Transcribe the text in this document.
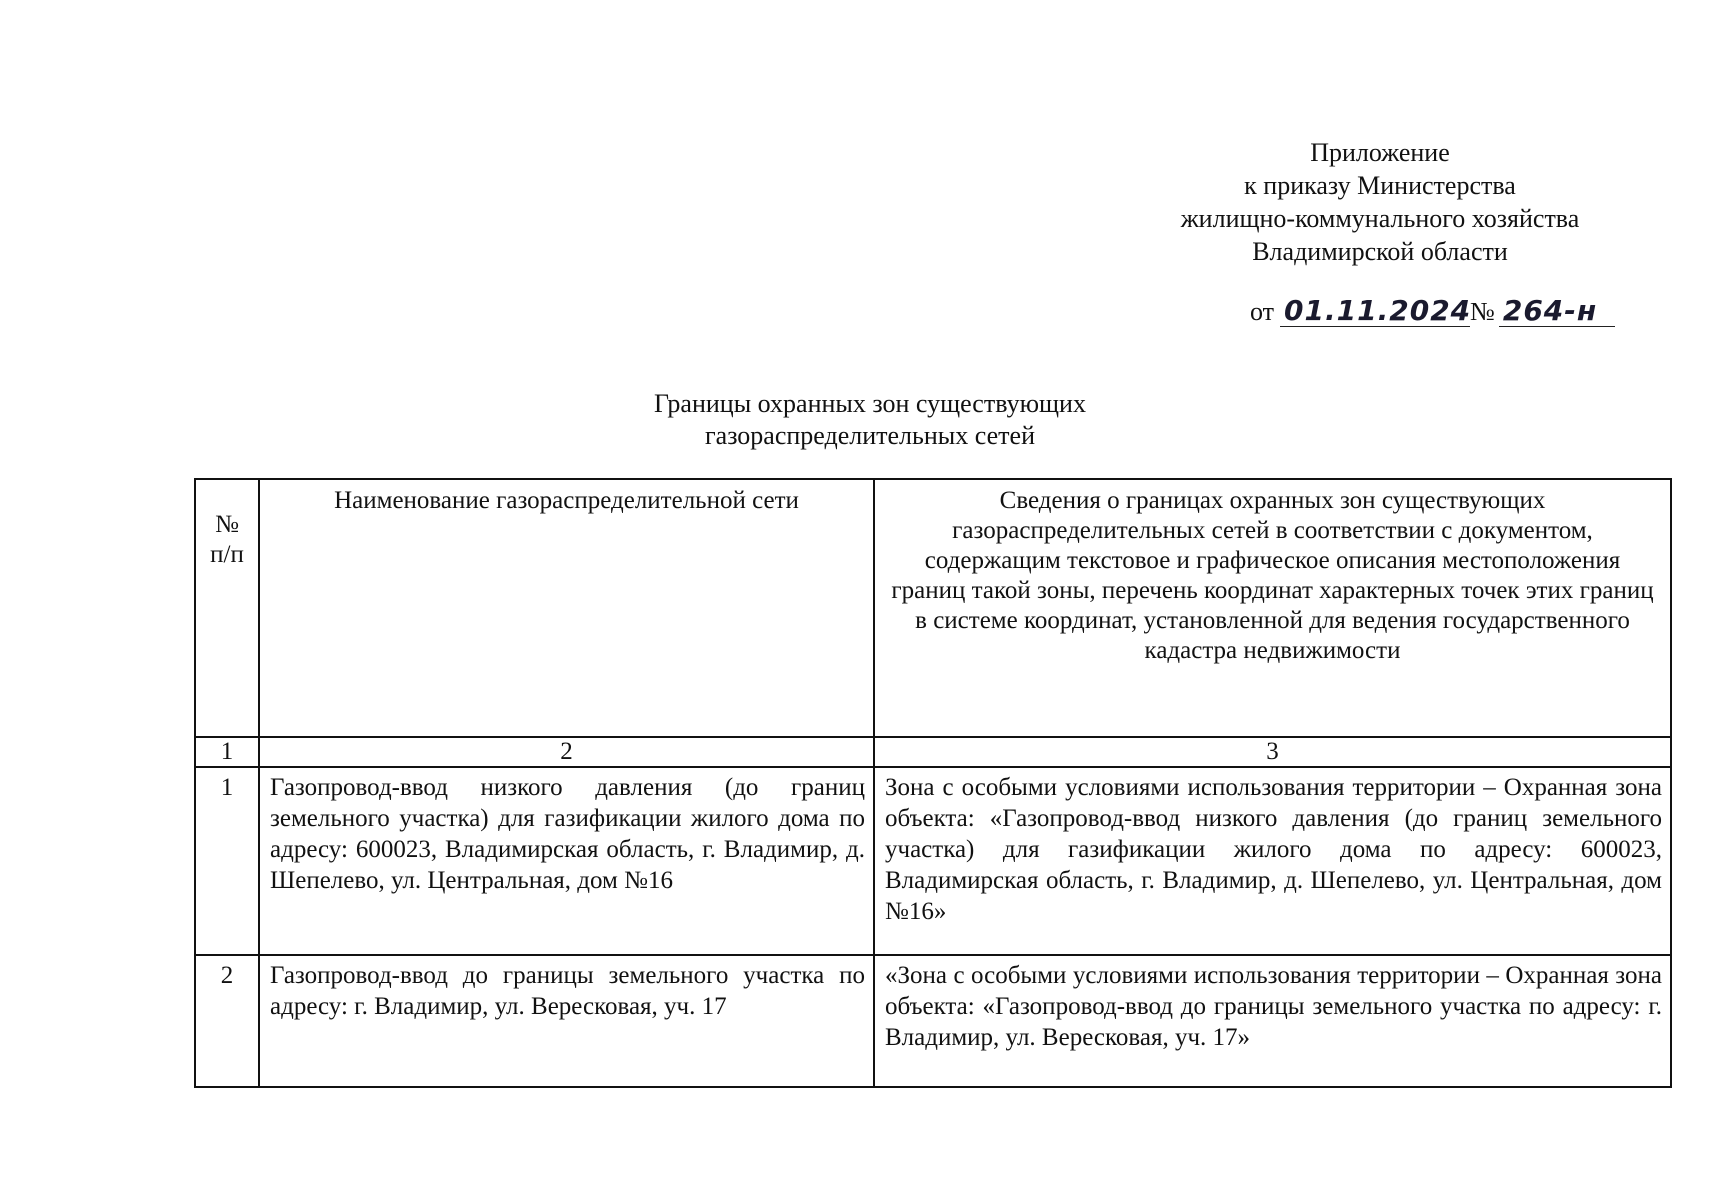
Приложение
к приказу Министерства
жилищно-коммунального хозяйства
Владимирской области
от 01.11.2024
№ 264-н
Границы охранных зон существующих
газораспределительных сетей
№ п/п	Наименование газораспределительной сети	Сведения о границах охранных зон существующих газораспределительных сетей в соответствии с документом, содержащим текстовое и графическое описания местоположения границ такой зоны, перечень координат характерных точек этих границ в системе координат, установленной для ведения государственного кадастра недвижимости
1	2	3
1	Газопровод-ввод низкого давления (до границ земельного участка) для газификации жилого дома по адресу: 600023, Владимирская область, г. Владимир, д. Шепелево, ул. Центральная, дом №16	Зона с особыми условиями использования территории – Охранная зона объекта: «Газопровод-ввод низкого давления (до границ земельного участка) для газификации жилого дома по адресу: 600023, Владимирская область, г. Владимир, д. Шепелево, ул. Центральная, дом №16»
2	Газопровод-ввод до границы земельного участка по адресу: г. Владимир, ул. Вересковая, уч. 17	«Зона с особыми условиями использования территории – Охранная зона объекта: «Газопровод-ввод до границы земельного участка по адресу: г. Владимир, ул. Вересковая, уч. 17»
